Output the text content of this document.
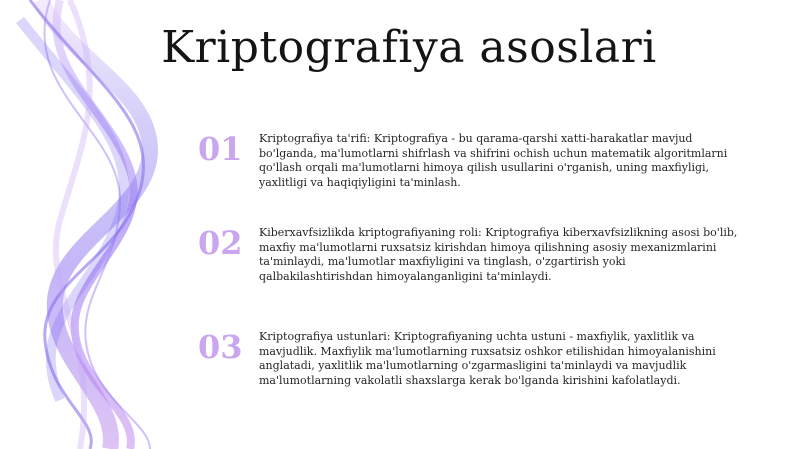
Kriptografiya asoslari
01 Kriptografiya ta'rifi: Kriptografiya - bu qarama-qarshi xatti-harakatlar mavjud bo'lganda, ma'lumotlarni shifrlash va shifrini ochish uchun matematik algoritmlarni qo'llash orqali ma'lumotlarni himoya qilish usullarini o'rganish, uning maxfiyligi, yaxlitligi va haqiqiyligini ta'minlash.
02 Kiberxavfsizlikda kriptografiyaning roli: Kriptografiya kiberxavfsizlikning asosi bo'lib, maxfiy ma'lumotlarni ruxsatsiz kirishdan himoya qilishning asosiy mexanizmlarini ta'minlaydi, ma'lumotlar maxfiyligini va tinglash, o'zgartirish yoki qalbakilashtirishdan himoyalanganligini ta'minlaydi.
03 Kriptografiya ustunlari: Kriptografiyaning uchta ustuni - maxfiylik, yaxlitlik va mavjudlik. Maxfiylik ma'lumotlarning ruxsatsiz oshkor etilishidan himoyalanishini anglatadi, yaxlitlik ma'lumotlarning o'zgarmasligini ta'minlaydi va mavjudlik ma'lumotlarning vakolatli shaxslarga kerak bo'lganda kirishini kafolatlaydi.
